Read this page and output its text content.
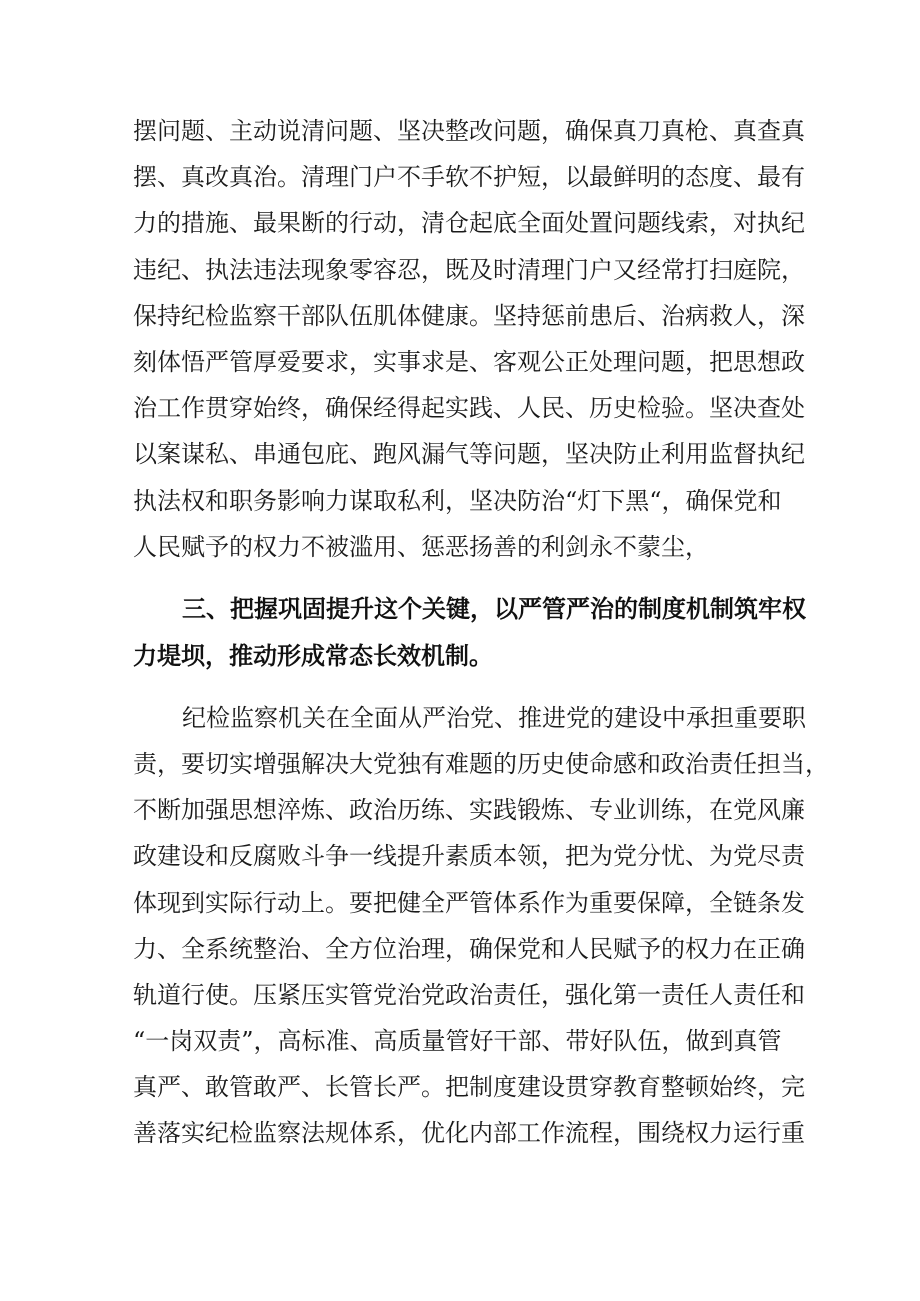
摆问题、主动说清问题、坚决整改问题，确保真刀真枪、真查真
摆、真改真治。清理门户不手软不护短，以最鲜明的态度、最有
力的措施、最果断的行动，清仓起底全面处置问题线索，对执纪
违纪、执法违法现象零容忍，既及时清理门户又经常打扫庭院，
保持纪检监察干部队伍肌体健康。坚持惩前患后、治病救人，深
刻体悟严管厚爱要求，实事求是、客观公正处理问题，把思想政
治工作贯穿始终，确保经得起实践、人民、历史检验。坚决查处
以案谋私、串通包庇、跑风漏气等问题，坚决防止利用监督执纪
执法权和职务影响力谋取私利，坚决防治“灯下黑“，确保党和
人民赋予的权力不被滥用、惩恶扬善的利剑永不蒙尘，
三、把握巩固提升这个关键，以严管严治的制度机制筑牢权
力堤坝，推动形成常态长效机制。
纪检监察机关在全面从严治党、推进党的建设中承担重要职
责，要切实增强解决大党独有难题的历史使命感和政治责任担当，
不断加强思想淬炼、政治历练、实践锻炼、专业训练，在党风廉
政建设和反腐败斗争一线提升素质本领，把为党分忧、为党尽责
体现到实际行动上。要把健全严管体系作为重要保障，全链条发
力、全系统整治、全方位治理，确保党和人民赋予的权力在正确
轨道行使。压紧压实管党治党政治责任，强化第一责任人责任和
“一岗双责”，高标准、高质量管好干部、带好队伍，做到真管
真严、敢管敢严、长管长严。把制度建设贯穿教育整顿始终，完
善落实纪检监察法规体系，优化内部工作流程，围绕权力运行重
